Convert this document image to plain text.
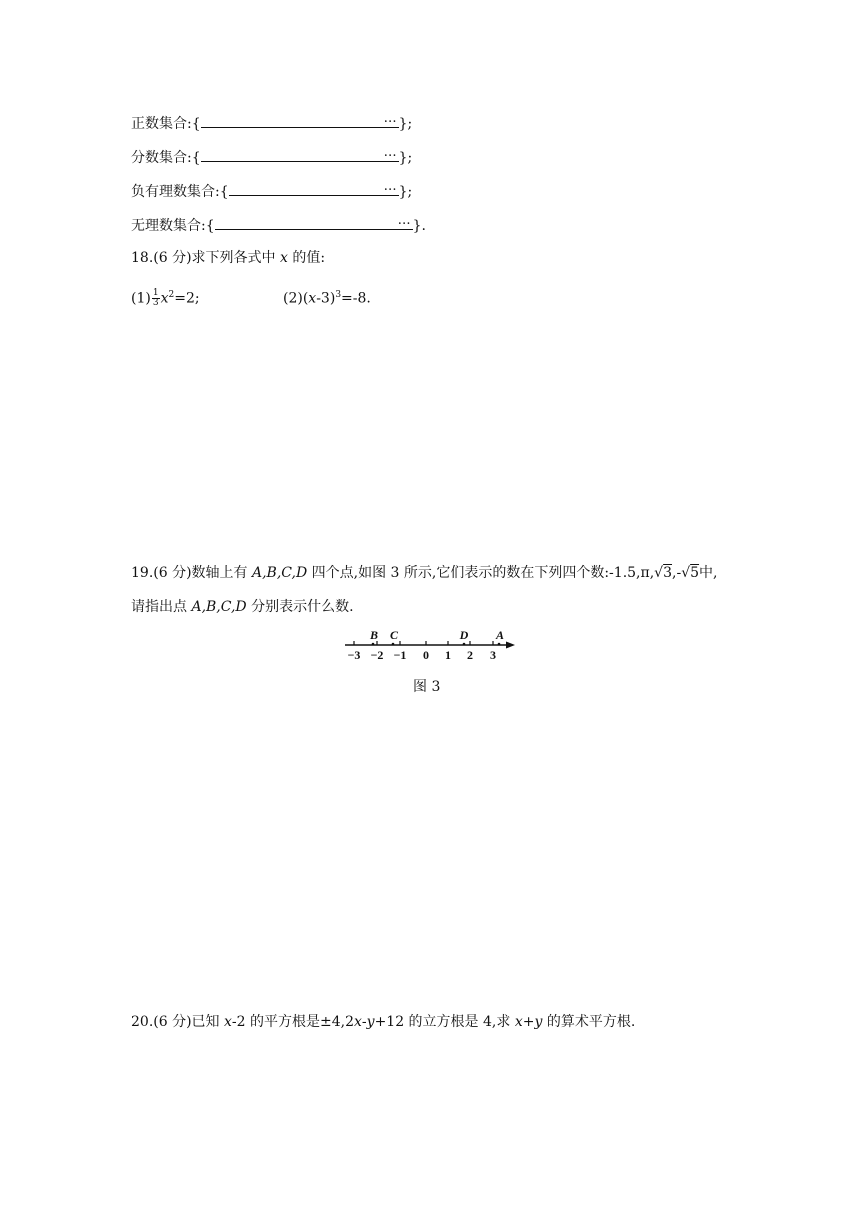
正数集合:{	… };
分数集合:{	… };
负有理数集合:{	… };
无理数集合:{	… }.
18.(6 分)求下列各式中 x 的值:
$(1) \frac{1}{3} x^2=2$;	$(2)(x-3)^3=-8$.
19.(6 分)数轴上有 A,B,C,D 四个点,如图 3 所示,它们表示的数在下列四个数:-1.5,π,√3,-√5中,
请指出点 A,B,C,D 分别表示什么数.
−3 −2 −1 0 1 2 3
B C	D A
图 3
20.(6 分)已知 x-2 的平方根是±4,2x-y+12 的立方根是 4,求 x+y 的算术平方根.
